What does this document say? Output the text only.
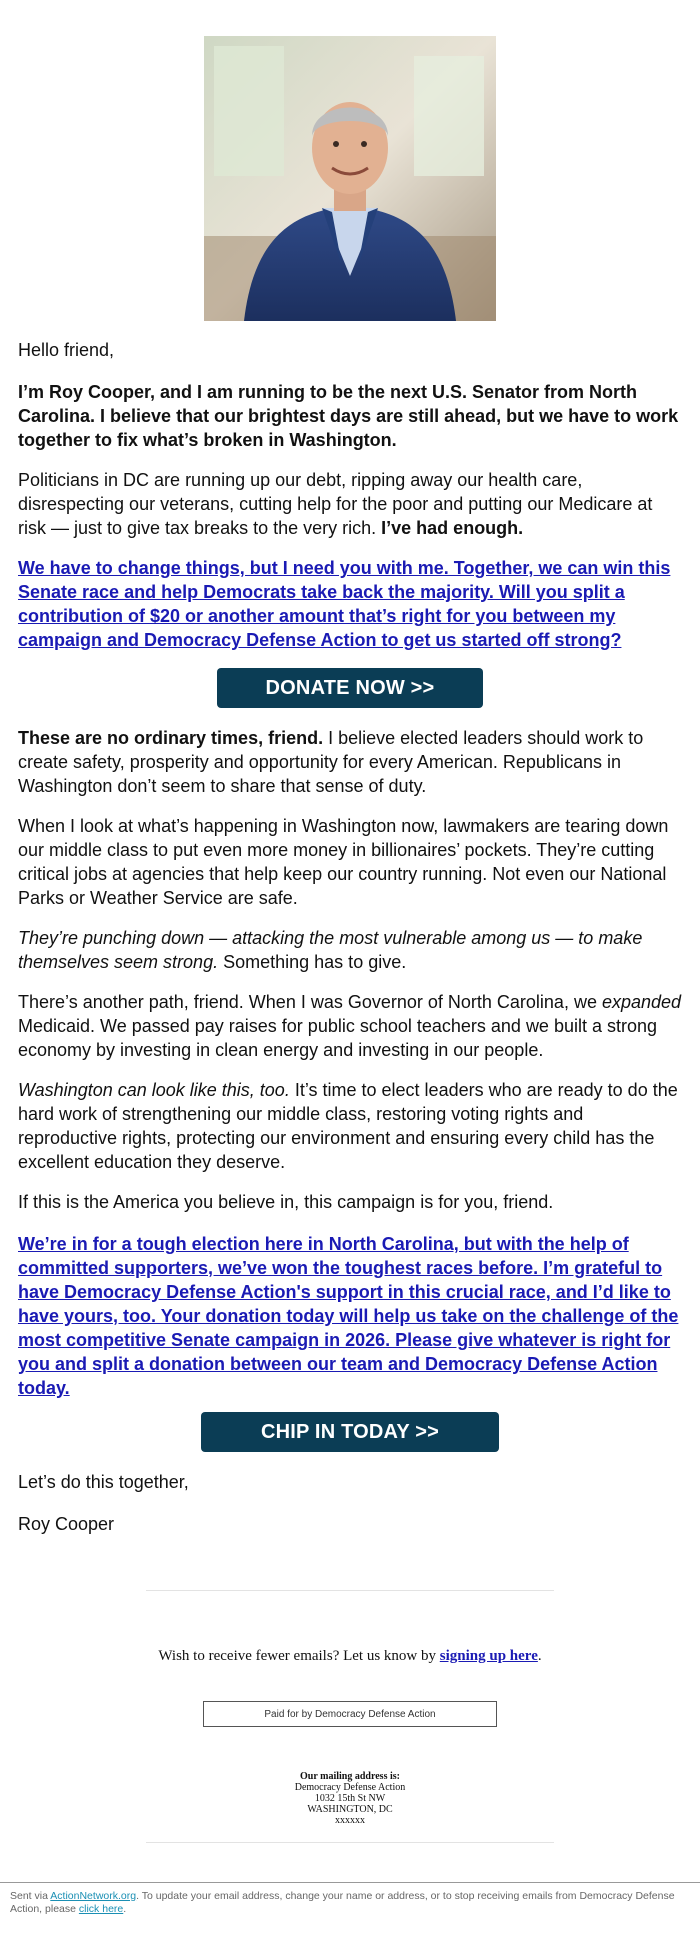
Hello friend,

I’m Roy Cooper, and I am running to be the next U.S. Senator from North Carolina. I believe that our brightest days are still ahead, but we have to work together to fix what’s broken in Washington.

Politicians in DC are running up our debt, ripping away our health care, disrespecting our veterans, cutting help for the poor and putting our Medicare at risk — just to give tax breaks to the very rich. I’ve had enough.

We have to change things, but I need you with me. Together, we can win this Senate race and help Democrats take back the majority. Will you split a contribution of $20 or another amount that’s right for you between my campaign and Democracy Defense Action to get us started off strong?

DONATE NOW >>

These are no ordinary times, friend. I believe elected leaders should work to create safety, prosperity and opportunity for every American. Republicans in Washington don’t seem to share that sense of duty.

When I look at what’s happening in Washington now, lawmakers are tearing down our middle class to put even more money in billionaires’ pockets. They’re cutting critical jobs at agencies that help keep our country running. Not even our National Parks or Weather Service are safe.

They’re punching down — attacking the most vulnerable among us — to make themselves seem strong. Something has to give.

There’s another path, friend. When I was Governor of North Carolina, we expanded Medicaid. We passed pay raises for public school teachers and we built a strong economy by investing in clean energy and investing in our people.

Washington can look like this, too. It’s time to elect leaders who are ready to do the hard work of strengthening our middle class, restoring voting rights and reproductive rights, protecting our environment and ensuring every child has the excellent education they deserve.

If this is the America you believe in, this campaign is for you, friend.

We’re in for a tough election here in North Carolina, but with the help of committed supporters, we’ve won the toughest races before. I’m grateful to have Democracy Defense Action's support in this crucial race, and I’d like to have yours, too. Your donation today will help us take on the challenge of the most competitive Senate campaign in 2026. Please give whatever is right for you and split a donation between our team and Democracy Defense Action today.

CHIP IN TODAY >>

Let’s do this together,

Roy Cooper

Wish to receive fewer emails? Let us know by signing up here.
Paid for by Democracy Defense Action
Our mailing address is:
Democracy Defense Action
1032 15th St NW
WASHINGTON, DC
xxxxxx
Sent via ActionNetwork.org. To update your email address, change your name or address, or to stop receiving emails from Democracy Defense Action, please click here.
